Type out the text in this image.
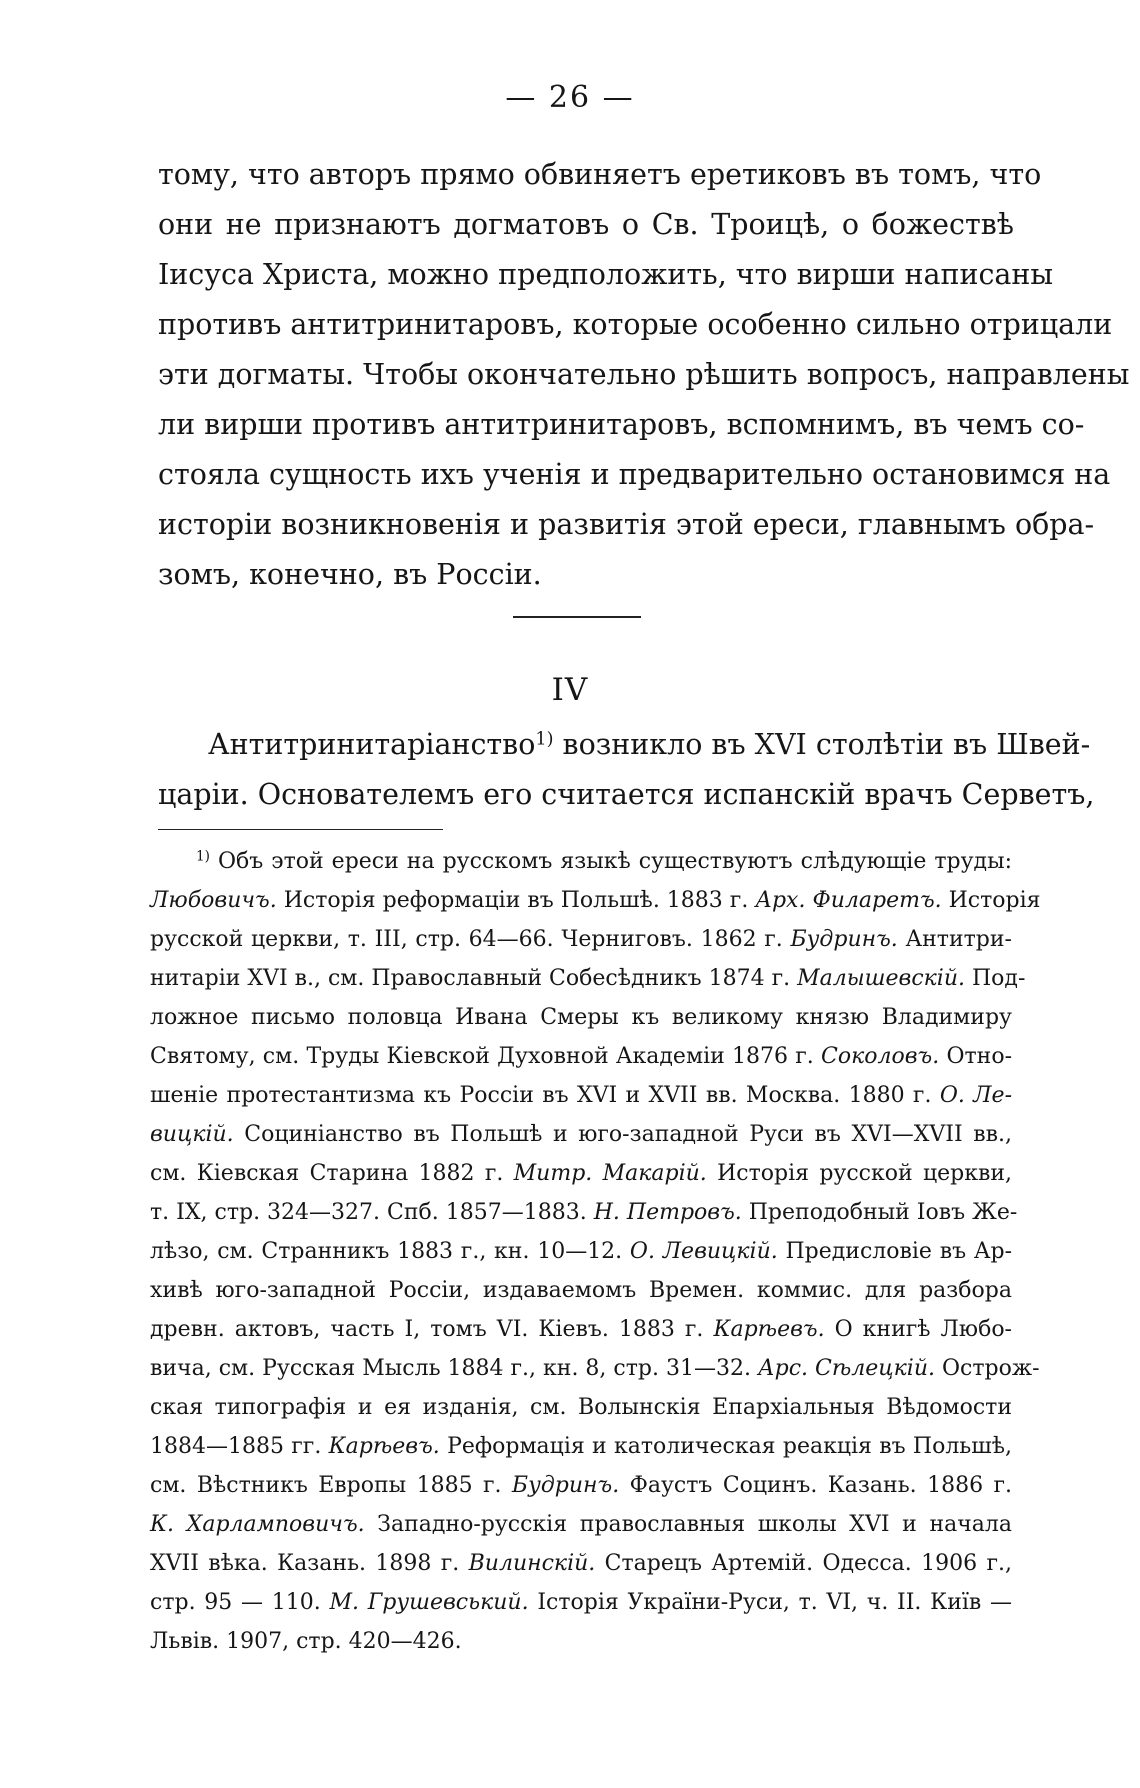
— 26 —
тому, что авторъ прямо обвиняетъ еретиковъ въ томъ, что
они не признаютъ догматовъ о Св. Троицѣ, о божествѣ
Іисуса Христа, можно предположить, что вирши написаны
противъ антитринитаровъ, которые особенно сильно отрицали
эти догматы. Чтобы окончательно рѣшить вопросъ, направлены
ли вирши противъ антитринитаровъ, вспомнимъ, въ чемъ со-
стояла сущность ихъ ученія и предварительно остановимся на
исторіи возникновенія и развитія этой ереси, главнымъ обра-
зомъ, конечно, въ Россіи.
IV
Антитринитаріанство$^{1)}$ возникло въ XVI столѣтіи въ Швей-
царіи. Основателемъ его считается испанскій врачъ Серветъ,
$^{1)}$ Объ этой ереси на русскомъ языкѣ существуютъ слѣдующіе труды:
Любовичъ. Исторія реформаціи въ Польшѣ. 1883 г. Арх. Филаретъ. Исторія
русской церкви, т. III, стр. 64—66. Черниговъ. 1862 г. Будринъ. Антитри-
нитаріи XVI в., см. Православный Собесѣдникъ 1874 г. Малышевскій. Под-
ложное письмо половца Ивана Смеры къ великому князю Владимиру
Святому, см. Труды Кіевской Духовной Академіи 1876 г. Соколовъ. Отно-
шеніе протестантизма къ Россіи въ XVI и XVII вв. Москва. 1880 г. О. Ле-
вицкій. Социніанство въ Польшѣ и юго-западной Руси въ XVI—XVII вв.,
см. Кіевская Старина 1882 г. Митр. Макарій. Исторія русской церкви,
т. IX, стр. 324—327. Спб. 1857—1883. Н. Петровъ. Преподобный Іовъ Же-
лѣзо, см. Странникъ 1883 г., кн. 10—12. О. Левицкій. Предисловіе въ Ар-
хивѣ юго-западной Россіи, издаваемомъ Времен. коммис. для разбора
древн. актовъ, часть I, томъ VI. Кіевъ. 1883 г. Карѣевъ. О книгѣ Любо-
вича, см. Русская Мысль 1884 г., кн. 8, стр. 31—32. Арс. Сѣлецкій. Острож-
ская типографія и ея изданія, см. Волынскія Епархіальныя Вѣдомости
1884—1885 гг. Карѣевъ. Реформація и католическая реакція въ Польшѣ,
см. Вѣстникъ Европы 1885 г. Будринъ. Фаустъ Социнъ. Казань. 1886 г.
К. Харламповичъ. Западно-русскія православныя школы XVI и начала
XVII вѣка. Казань. 1898 г. Вилинскій. Старецъ Артемій. Одесса. 1906 г.,
стр. 95 — 110. М. Грушевський. Історія України-Руси, т. VI, ч. II. Київ —
Львів. 1907, стр. 420—426.
